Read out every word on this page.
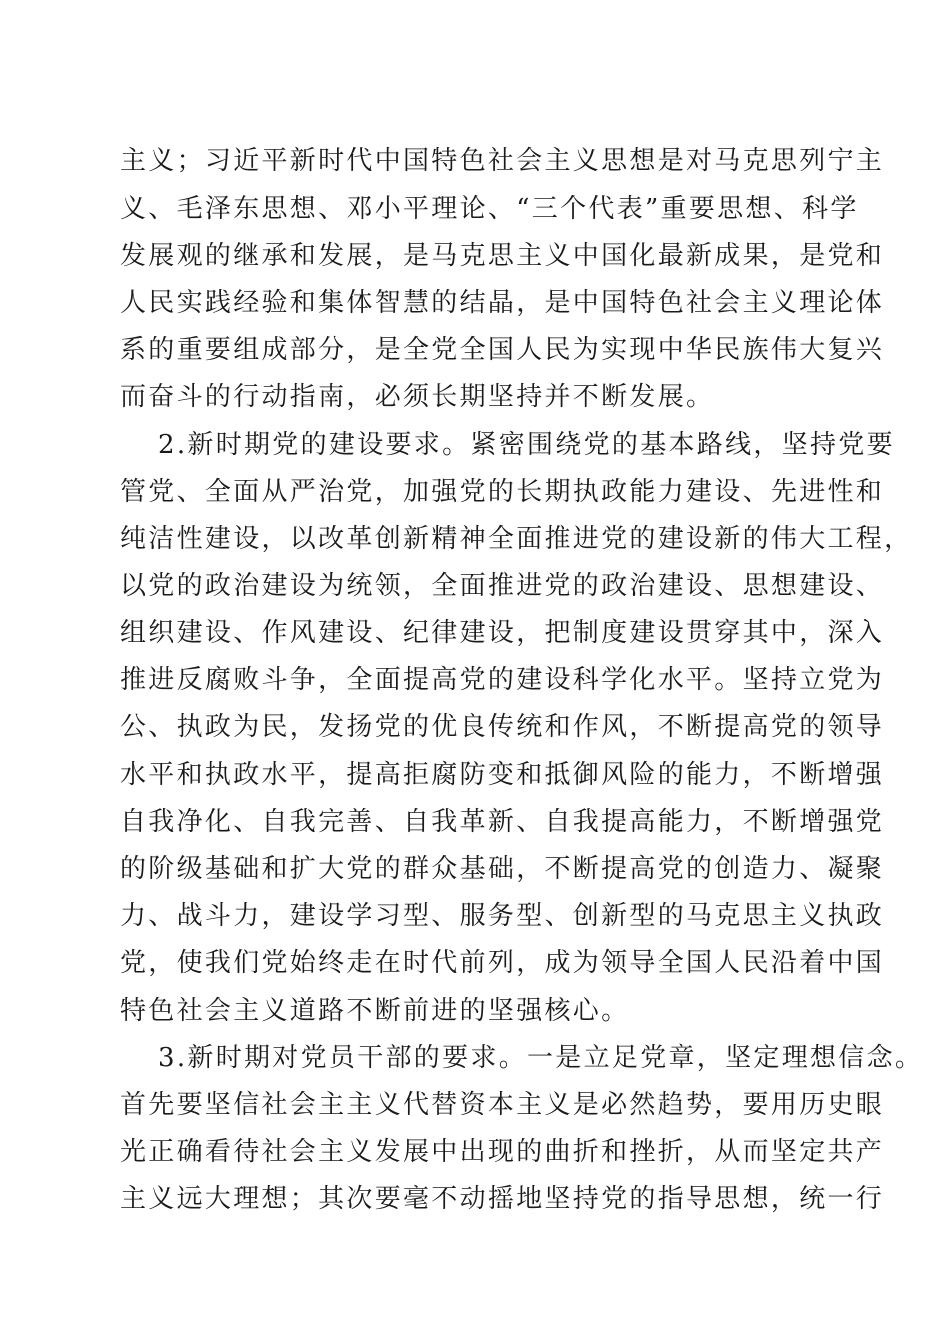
主义；习近平新时代中国特色社会主义思想是对马克思列宁主
义、毛泽东思想、邓小平理论、“三个代表”重要思想、科学
发展观的继承和发展，是马克思主义中国化最新成果，是党和
人民实践经验和集体智慧的结晶，是中国特色社会主义理论体
系的重要组成部分，是全党全国人民为实现中华民族伟大复兴
而奋斗的行动指南，必须长期坚持并不断发展。
2.新时期党的建设要求。紧密围绕党的基本路线，坚持党要
管党、全面从严治党，加强党的长期执政能力建设、先进性和
纯洁性建设，以改革创新精神全面推进党的建设新的伟大工程，
以党的政治建设为统领，全面推进党的政治建设、思想建设、
组织建设、作风建设、纪律建设，把制度建设贯穿其中，深入
推进反腐败斗争，全面提高党的建设科学化水平。坚持立党为
公、执政为民，发扬党的优良传统和作风，不断提高党的领导
水平和执政水平，提高拒腐防变和抵御风险的能力，不断增强
自我净化、自我完善、自我革新、自我提高能力，不断增强党
的阶级基础和扩大党的群众基础，不断提高党的创造力、凝聚
力、战斗力，建设学习型、服务型、创新型的马克思主义执政
党，使我们党始终走在时代前列，成为领导全国人民沿着中国
特色社会主义道路不断前进的坚强核心。
3.新时期对党员干部的要求。一是立足党章，坚定理想信念。
首先要坚信社会主主义代替资本主义是必然趋势，要用历史眼
光正确看待社会主义发展中出现的曲折和挫折，从而坚定共产
主义远大理想；其次要毫不动摇地坚持党的指导思想，统一行
